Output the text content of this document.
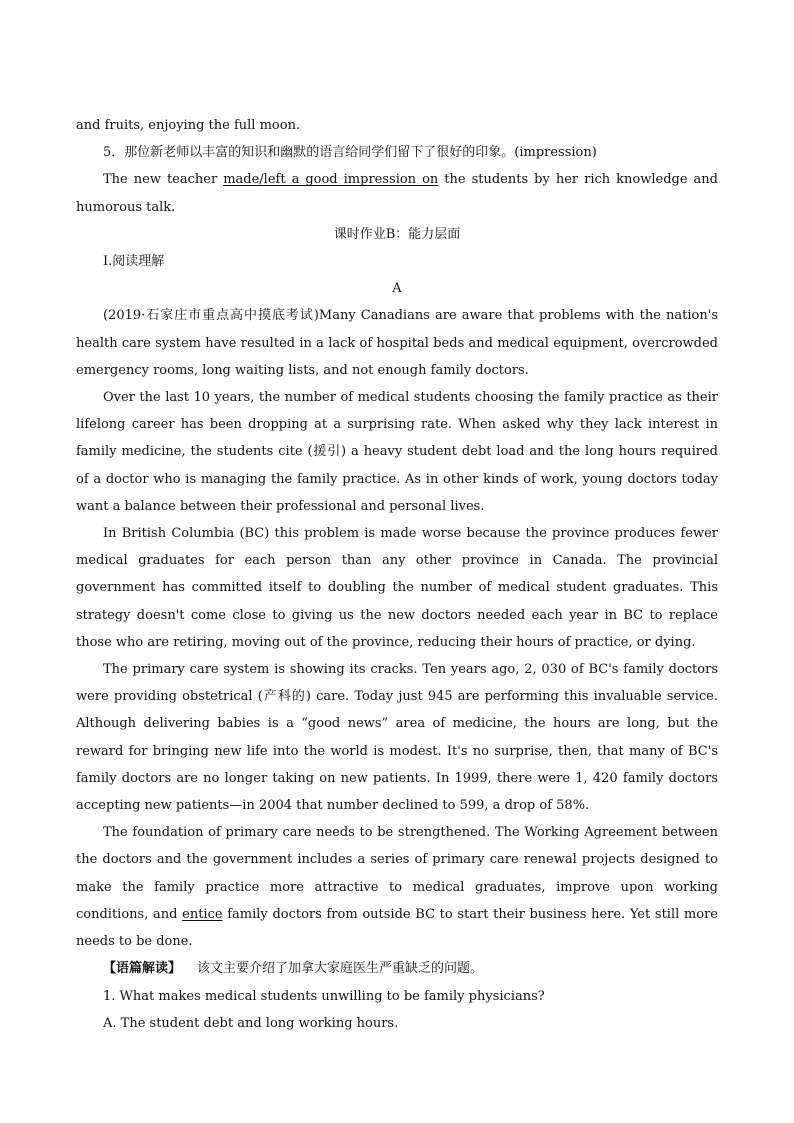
and fruits, enjoying the full moon.

5．那位新老师以丰富的知识和幽默的语言给同学们留下了很好的印象。(impression)

The new teacher made/left a good impression on the students by her rich knowledge and humorous talk.

课时作业B：能力层面

Ⅰ.阅读理解

A

(2019·石家庄市重点高中摸底考试)Many Canadians are aware that problems with the nation's health care system have resulted in a lack of hospital beds and medical equipment, overcrowded emergency rooms, long waiting lists, and not enough family doctors.

Over the last 10 years, the number of medical students choosing the family practice as their lifelong career has been dropping at a surprising rate. When asked why they lack interest in family medicine, the students cite (援引) a heavy student debt load and the long hours required of a doctor who is managing the family practice. As in other kinds of work, young doctors today want a balance between their professional and personal lives.

In British Columbia (BC) this problem is made worse because the province produces fewer medical graduates for each person than any other province in Canada. The provincial government has committed itself to doubling the number of medical student graduates. This strategy doesn't come close to giving us the new doctors needed each year in BC to replace those who are retiring, moving out of the province, reducing their hours of practice, or dying.

The primary care system is showing its cracks. Ten years ago, 2, 030 of BC's family doctors were providing obstetrical (产科的) care. Today just 945 are performing this invaluable service. Although delivering babies is a “good news” area of medicine, the hours are long, but the reward for bringing new life into the world is modest. It's no surprise, then, that many of BC's family doctors are no longer taking on new patients. In 1999, there were 1, 420 family doctors accepting new patients—in 2004 that number declined to 599, a drop of 58%.

The foundation of primary care needs to be strengthened. The Working Agreement between the doctors and the government includes a series of primary care renewal projects designed to make the family practice more attractive to medical graduates, improve upon working conditions, and entice family doctors from outside BC to start their business here. Yet still more needs to be done.

【语篇解读】 该文主要介绍了加拿大家庭医生严重缺乏的问题。

1. What makes medical students unwilling to be family physicians?

A. The student debt and long working hours.
